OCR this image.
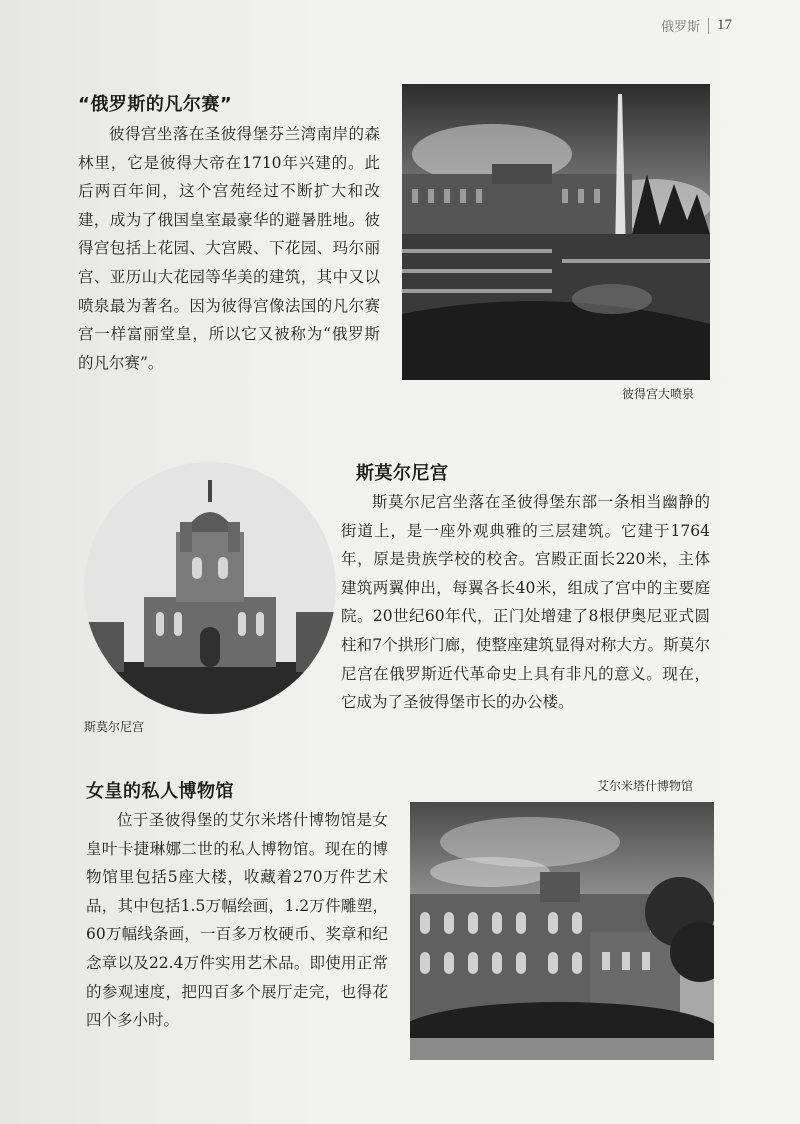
俄罗斯 17
“俄罗斯的凡尔赛”

彼得宫坐落在圣彼得堡芬兰湾南岸的森林里，它是彼得大帝在1710年兴建的。此后两百年间，这个宫苑经过不断扩大和改建，成为了俄国皇室最豪华的避暑胜地。彼得宫包括上花园、大宫殿、下花园、玛尔丽宫、亚历山大花园等华美的建筑，其中又以喷泉最为著名。因为彼得宫像法国的凡尔赛宫一样富丽堂皇，所以它又被称为“俄罗斯的凡尔赛”。

彼得宫大喷泉
斯莫尔尼宫
斯莫尔尼宫

斯莫尔尼宫坐落在圣彼得堡东部一条相当幽静的街道上，是一座外观典雅的三层建筑。它建于1764年，原是贵族学校的校舍。宫殿正面长220米，主体建筑两翼伸出，每翼各长40米，组成了宫中的主要庭院。20世纪60年代，正门处增建了8根伊奥尼亚式圆柱和7个拱形门廊，使整座建筑显得对称大方。斯莫尔尼宫在俄罗斯近代革命史上具有非凡的意义。现在，它成为了圣彼得堡市长的办公楼。

女皇的私人博物馆	艾尔米塔什博物馆

位于圣彼得堡的艾尔米塔什博物馆是女皇叶卡捷琳娜二世的私人博物馆。现在的博物馆里包括5座大楼，收藏着270万件艺术品，其中包括1.5万幅绘画，1.2万件雕塑，60万幅线条画，一百多万枚硬币、奖章和纪念章以及22.4万件实用艺术品。即使用正常的参观速度，把四百多个展厅走完，也得花四个多小时。
